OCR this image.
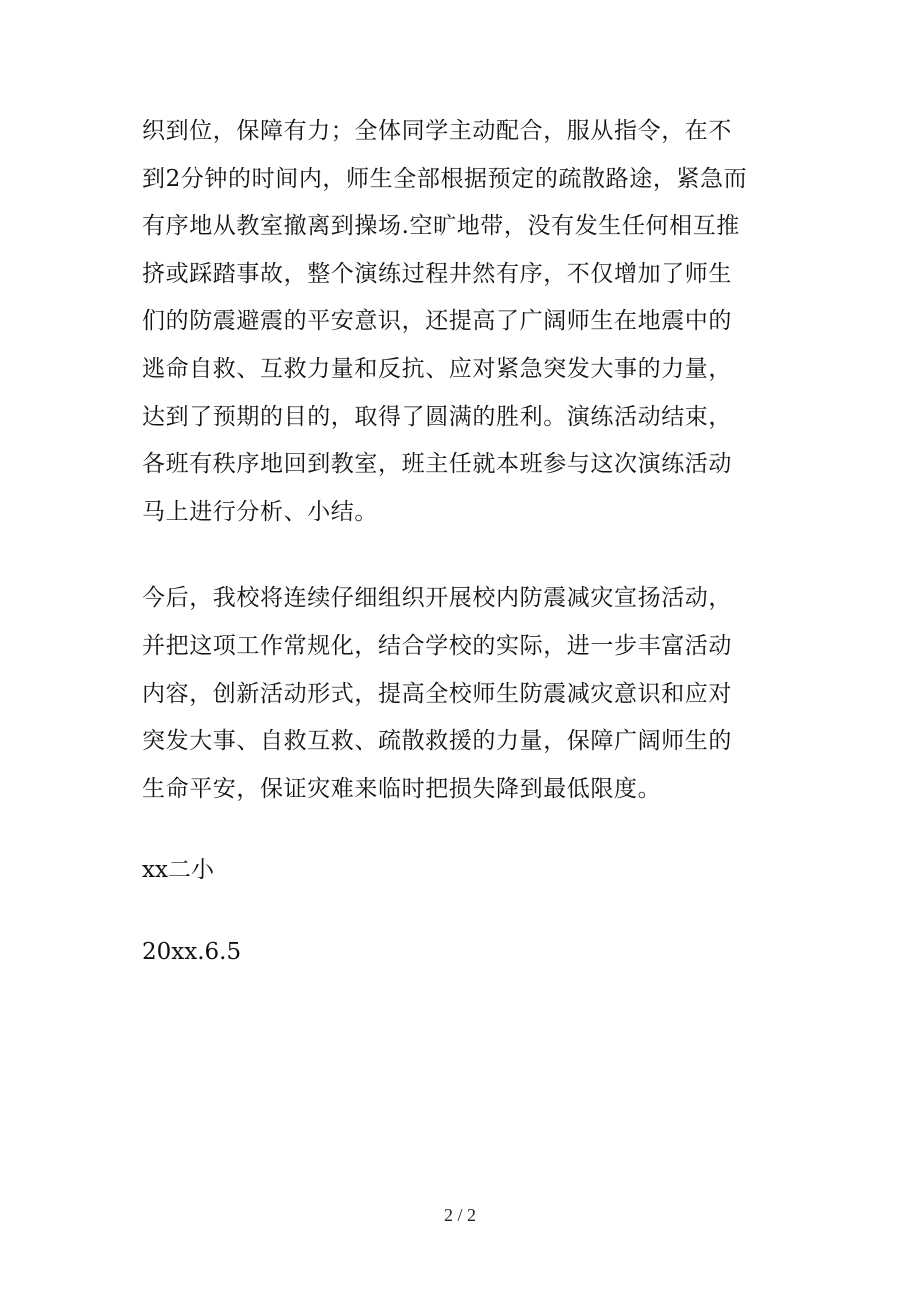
织到位，保障有力；全体同学主动配合，服从指令，在不
到2分钟的时间内，师生全部根据预定的疏散路途，紧急而
有序地从教室撤离到操场.空旷地带，没有发生任何相互推
挤或踩踏事故，整个演练过程井然有序，不仅增加了师生
们的防震避震的平安意识，还提高了广阔师生在地震中的
逃命自救、互救力量和反抗、应对紧急突发大事的力量，
达到了预期的目的，取得了圆满的胜利。演练活动结束，
各班有秩序地回到教室，班主任就本班参与这次演练活动
马上进行分析、小结。
今后，我校将连续仔细组织开展校内防震减灾宣扬活动，
并把这项工作常规化，结合学校的实际，进一步丰富活动
内容，创新活动形式，提高全校师生防震减灾意识和应对
突发大事、自救互救、疏散救援的力量，保障广阔师生的
生命平安，保证灾难来临时把损失降到最低限度。
xx二小
20xx.6.5
2 / 2
